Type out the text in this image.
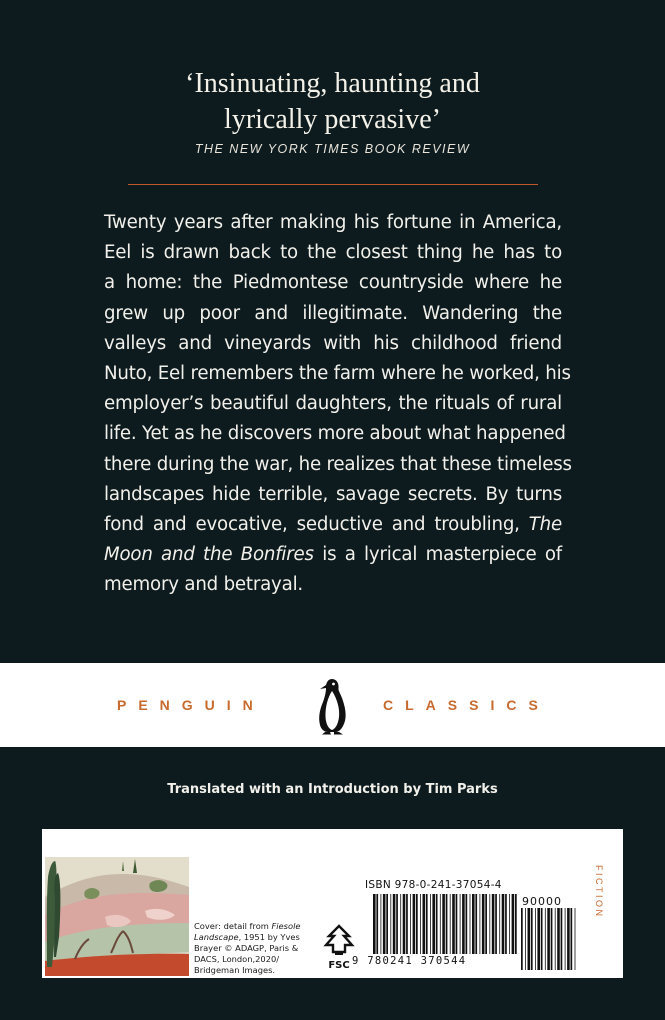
‘Insinuating, haunting and
lyrically pervasive’
THE NEW YORK TIMES BOOK REVIEW
Twenty years after making his fortune in America,
Eel is drawn back to the closest thing he has to
a home: the Piedmontese countryside where he
grew up poor and illegitimate. Wandering the
valleys and vineyards with his childhood friend
Nuto, Eel remembers the farm where he worked, his
employer’s beautiful daughters, the rituals of rural
life. Yet as he discovers more about what happened
there during the war, he realizes that these timeless
landscapes hide terrible, savage secrets. By turns
fond and evocative, seductive and troubling, The
Moon and the Bonfires is a lyrical masterpiece of
memory and betrayal.
PENGUIN	CLASSICS
Translated with an Introduction by Tim Parks
Cover: detail from Fiesole Landscape, 1951 by Yves Brayer © ADAGP, Paris & DACS, London,2020/ Bridgeman Images.
ISBN 978-0-241-37054-4
FSC 9 780241 370544
90000	FICTION
